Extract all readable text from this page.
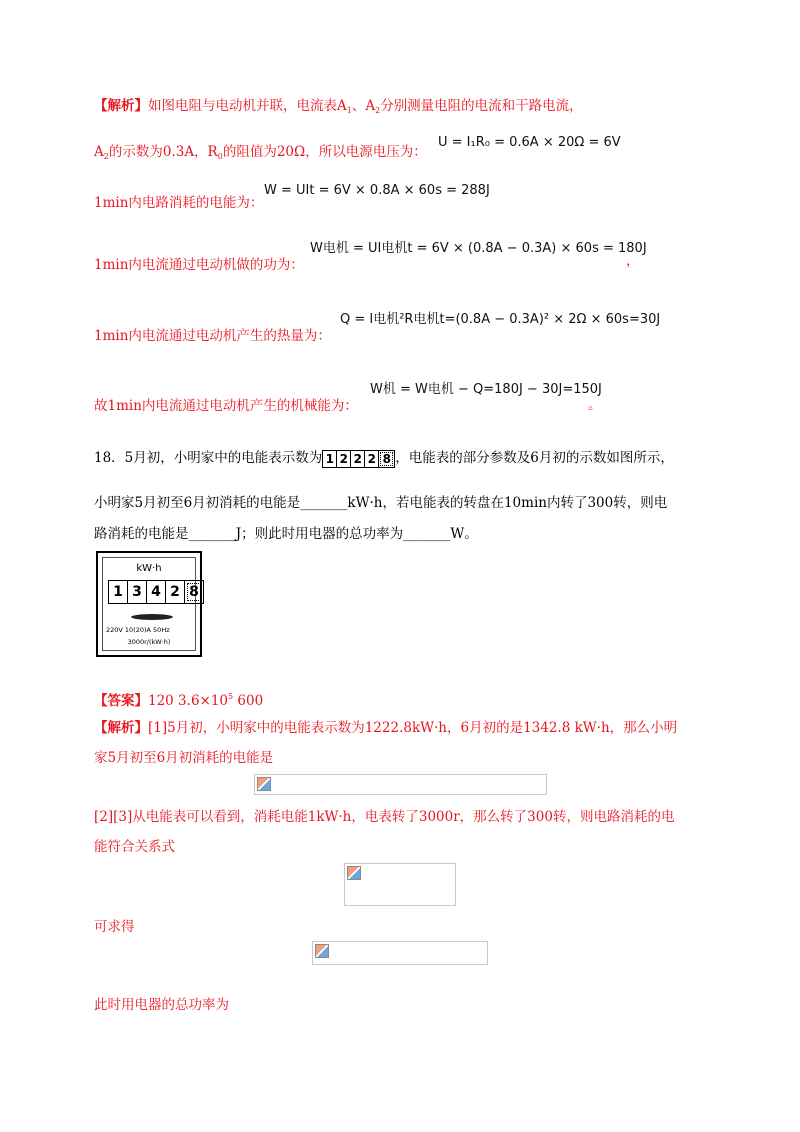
【解析】如图电阻与电动机并联，电流表$A_1$、$A_2$分别测量电阻的电流和干路电流，
$A_2$的示数为0.3A，$R_0$的阻值为20Ω，所以电源电压为：
U = I₁R₀ = 0.6A × 20Ω = 6V
1min内电路消耗的电能为：
W = UIt = 6V × 0.8A × 60s = 288J
1min内电流通过电动机做的功为：
W电机 = UI电机t = 6V × (0.8A − 0.3A) × 60s = 180J
，
1min内电流通过电动机产生的热量为：
Q = I电机²R电机t=(0.8A − 0.3A)² × 2Ω × 60s=30J
故1min内电流通过电动机产生的机械能为：
W机 = W电机 − Q=180J − 30J=150J
。
18．5月初，小明家中的电能表示数为 1 2 2 2 8 ，电能表的部分参数及6月初的示数如图所示，
小明家5月初至6月初消耗的电能是_______kW·h，若电能表的转盘在10min内转了300转，则电
路消耗的电能是_______J；则此时用电器的总功率为_______W。
kW·h
1 3 4 2 8
220V 10(20)A 50Hz
3000r/(kW·h)
【答案】120 $3.6\times 10^5$ 600
【解析】[1]5月初，小明家中的电能表示数为1222.8kW·h，6月初的是1342.8 kW·h，那么小明
家5月初至6月初消耗的电能是
[2][3]从电能表可以看到，消耗电能1kW·h，电表转了3000r，那么转了300转，则电路消耗的电
能符合关系式
可求得
此时用电器的总功率为
